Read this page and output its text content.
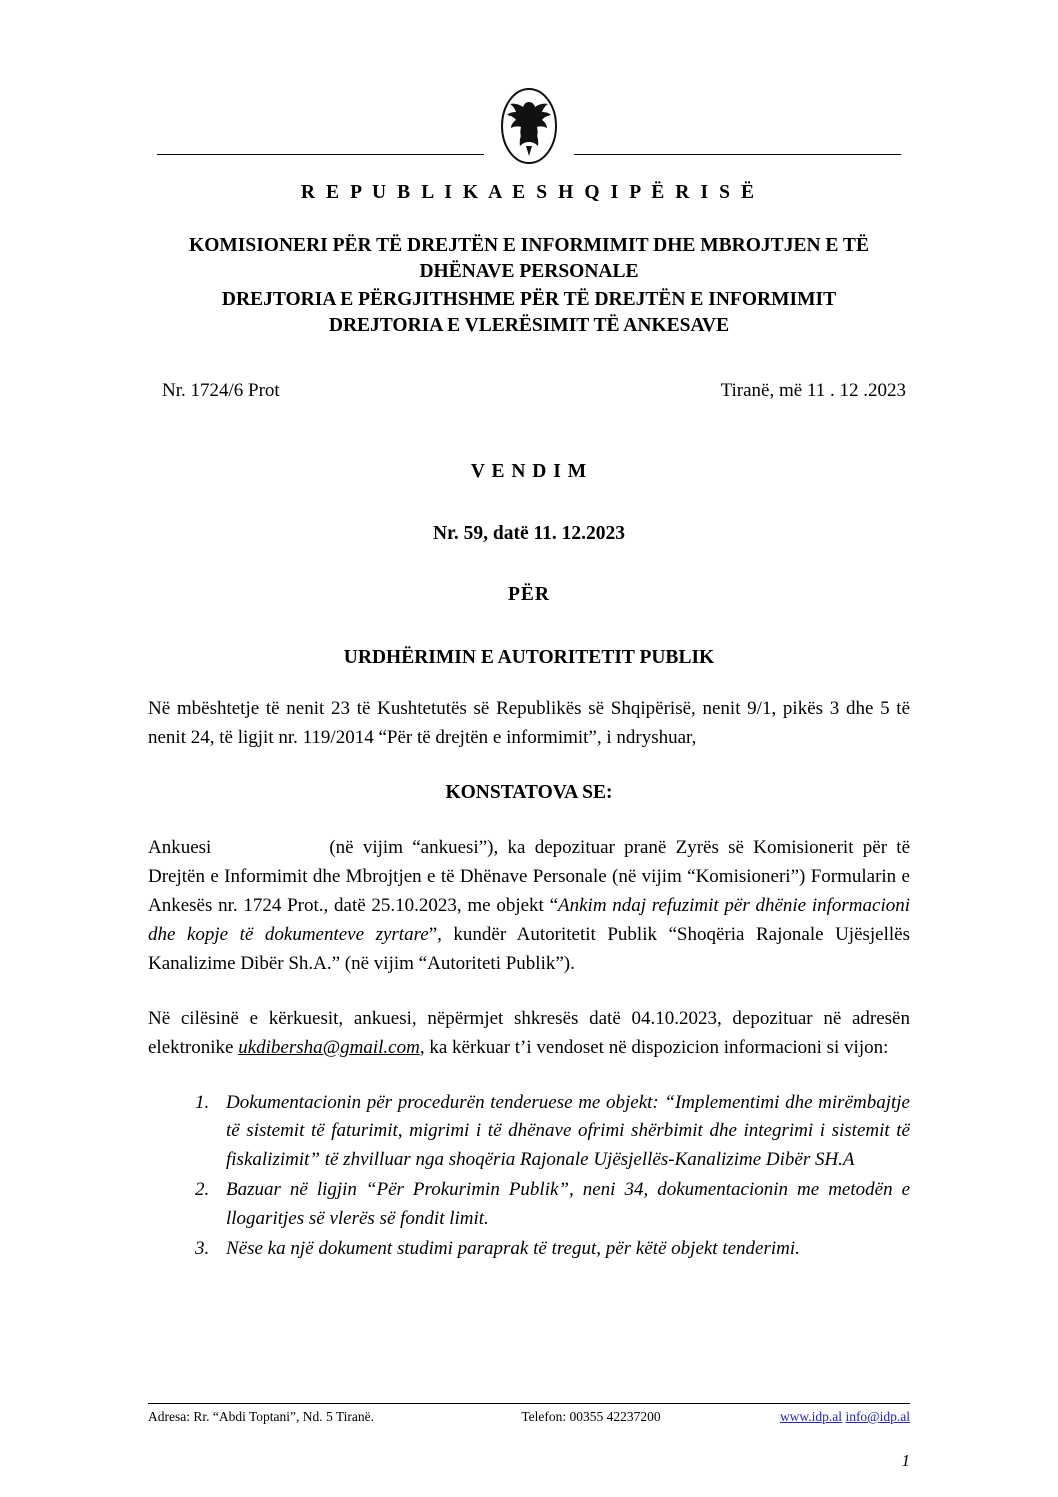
R E P U B L I K A E S H Q I P Ë R I S Ë
KOMISIONERI PËR TË DREJTËN E INFORMIMIT DHE MBROJTJEN E TË DHËNAVE PERSONALE
DREJTORIA E PËRGJITHSHME PËR TË DREJTËN E INFORMIMIT
DREJTORIA E VLERËSIMIT TË ANKESAVE
Nr. 1724/6 Prot	Tiranë, më 11 . 12 .2023
V E N D I M
Nr. 59, datë 11. 12.2023
PËR
URDHËRIMIN E AUTORITETIT PUBLIK

Në mbështetje të nenit 23 të Kushtetutës së Republikës së Shqipërisë, nenit 9/1, pikës 3 dhe 5 të nenit 24, të ligjit nr. 119/2014 “Për të drejtën e informimit”, i ndryshuar,

KONSTATOVA SE:

Ankuesi	(në vijim “ankuesi”), ka depozituar pranë Zyrës së Komisionerit për të Drejtën e Informimit dhe Mbrojtjen e të Dhënave Personale (në vijim “Komisioneri”) Formularin e Ankesës nr. 1724 Prot., datë 25.10.2023, me objekt “Ankim ndaj refuzimit për dhënie informacioni dhe kopje të dokumenteve zyrtare”, kundër Autoritetit Publik “Shoqëria Rajonale Ujësjellës Kanalizime Dibër Sh.A.” (në vijim “Autoriteti Publik”).

Në cilësinë e kërkuesit, ankuesi, nëpërmjet shkresës datë 04.10.2023, depozituar në adresën elektronike ukdibersha@gmail.com, ka kërkuar t’i vendoset në dispozicion informacioni si vijon:

1. Dokumentacionin për procedurën tenderuese me objekt: “Implementimi dhe mirëmbajtje të sistemit të faturimit, migrimi i të dhënave ofrimi shërbimit dhe integrimi i sistemit të fiskalizimit” të zhvilluar nga shoqëria Rajonale Ujësjellës-Kanalizime Dibër SH.A
2. Bazuar në ligjin “Për Prokurimin Publik”, neni 34, dokumentacionin me metodën e llogaritjes së vlerës së fondit limit.
3. Nëse ka një dokument studimi paraprak të tregut, për këtë objekt tenderimi.
Adresa: Rr. “Abdi Toptani”, Nd. 5 Tiranë.	Telefon: 00355 42237200	www.idp.al info@idp.al
1
